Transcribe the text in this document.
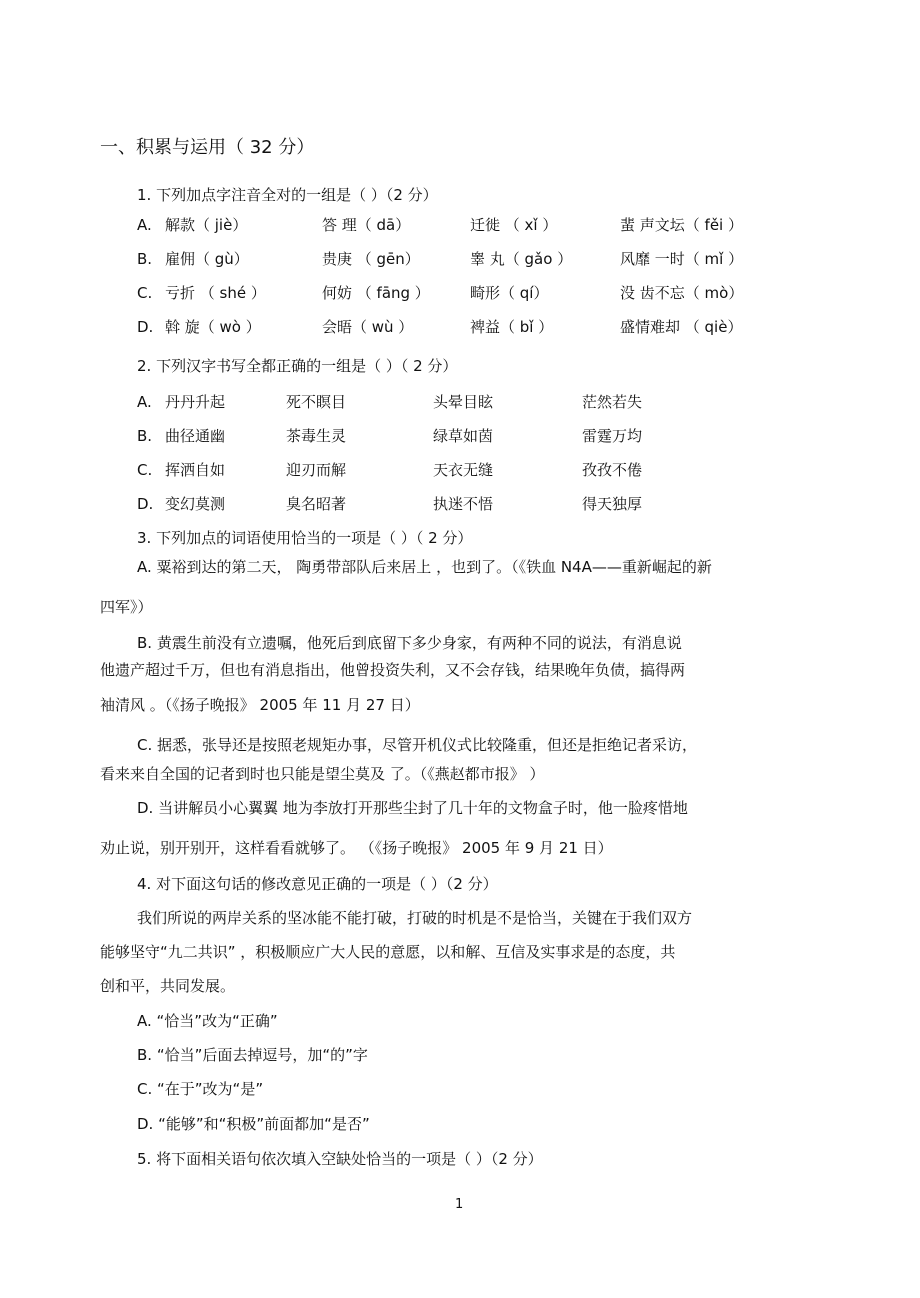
一、积累与运用（ 32 分）
1. 下列加点字注音全对的一组是（ ）（2 分）
A. 解款（ jiè）	答 理（ dā）	迁徙 （ xǐ ）	蜚 声文坛（ fěi ）
B. 雇佣（ gù）	贵庚 （ gēn）	睾 丸（ gǎo ）	风靡 一时（ mǐ ）
C. 亏折 （ shé ）	何妨 （ fāng ）	畸形（ qí）	没 齿不忘（ mò）
D. 斡 旋（ wò ）	会晤（ wù ）	裨益（ bǐ ）	盛情难却 （ qiè）
2. 下列汉字书写全都正确的一组是（ ）（ 2 分）
A. 丹丹升起	死不瞑目	头晕目眩	茫然若失
B. 曲径通幽	茶毒生灵	绿草如茵	雷霆万均
C. 挥洒自如	迎刃而解	天衣无缝	孜孜不倦
D. 变幻莫测	臭名昭著	执迷不悟	得天独厚
3. 下列加点的词语使用恰当的一项是（ ）（ 2 分）
A. 粟裕到达的第二天， 陶勇带部队后来居上 ，也到了。（《铁血 N4A——重新崛起的新
四军》）
B. 黄震生前没有立遗嘱，他死后到底留下多少身家，有两种不同的说法，有消息说
他遗产超过千万，但也有消息指出，他曾投资失利，又不会存钱，结果晚年负债，搞得两
袖清风 。（《扬子晚报》 2005 年 11 月 27 日）
C. 据悉，张导还是按照老规矩办事，尽管开机仪式比较隆重，但还是拒绝记者采访，
看来来自全国的记者到时也只能是望尘莫及 了。（《燕赵都市报》 ）
D. 当讲解员小心翼翼 地为李放打开那些尘封了几十年的文物盒子时，他一脸疼惜地
劝止说，别开别开，这样看看就够了。 （《扬子晚报》 2005 年 9 月 21 日）
4. 对下面这句话的修改意见正确的一项是（ ）（2 分）
我们所说的两岸关系的坚冰能不能打破，打破的时机是不是恰当，关键在于我们双方
能够坚守“九二共识” ，积极顺应广大人民的意愿，以和解、互信及实事求是的态度，共
创和平，共同发展。
A. “恰当”改为“正确”
B. “恰当”后面去掉逗号，加“的”字
C. “在于”改为“是”
D. “能够”和“积极”前面都加“是否”
5. 将下面相关语句依次填入空缺处恰当的一项是（ ）（2 分）
1
